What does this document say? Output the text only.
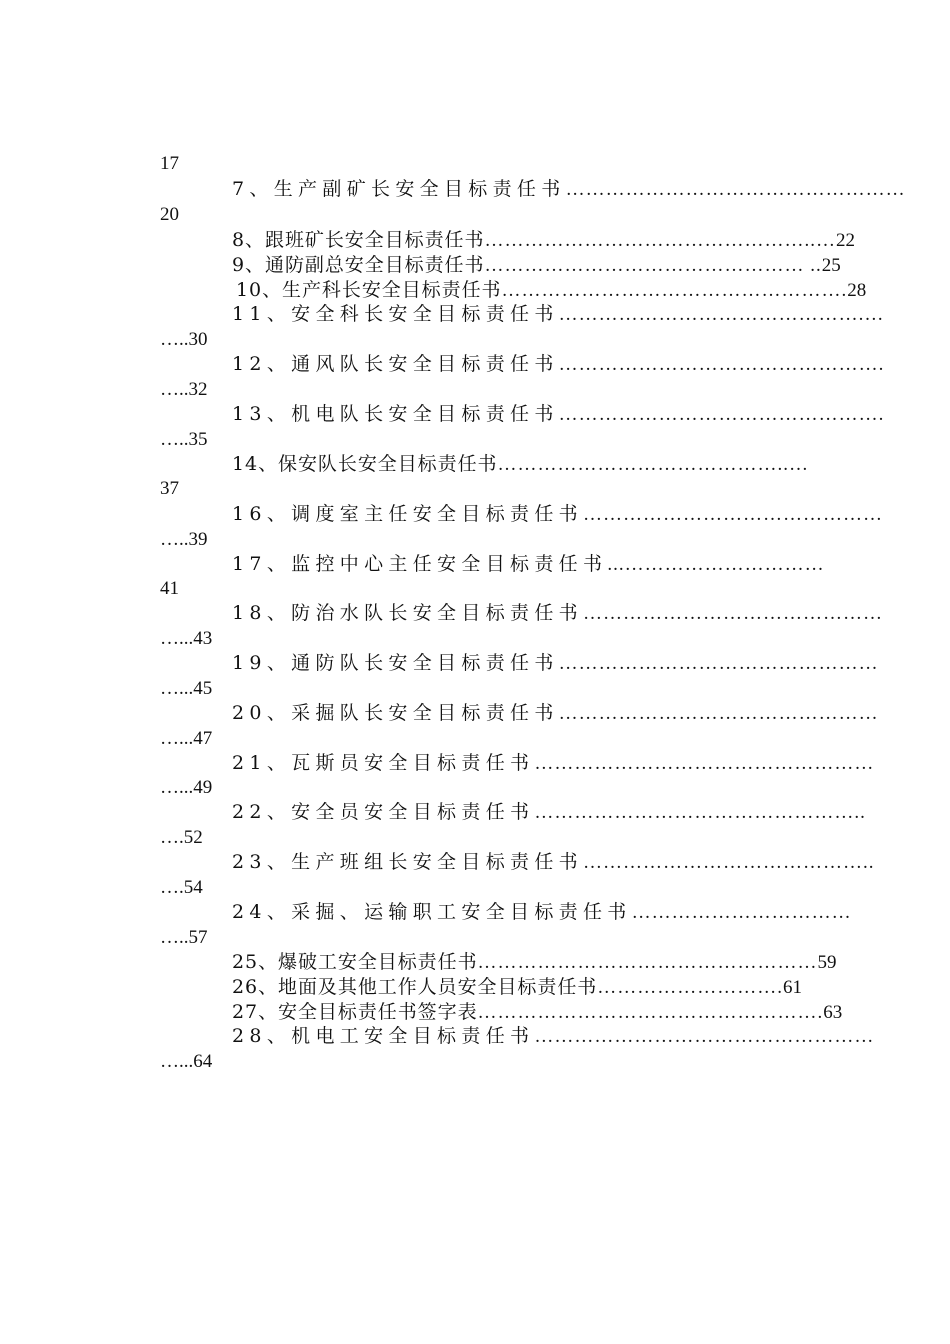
17
7、生产副矿长安全目标责任书……………………………………………
20
8、跟班矿长安全目标责任书…………………………………………..…22
9、通防副总安全目标责任书………………………………………… ..25
10、生产科长安全目标责任书…………………………………………….28
11、安全科长安全目标责任书……………………………………….…
…..30
12、通风队长安全目标责任书………………………………………….
…..32
13、机电队长安全目标责任书………………………………………….
…..35
14、保安队长安全目标责任书……………………………………..…
37
16、调度室主任安全目标责任书………………………………………
…..39
17、监控中心主任安全目标责任书...…………………………
41
18、防治水队长安全目标责任书………………………………………
…...43
19、通防队长安全目标责任书…………………………………………
…...45
20、采掘队长安全目标责任书…………………………………………
…...47
21、瓦斯员安全目标责任书……………………………………………
…...49
22、安全员安全目标责任书…………………………………………..
….52
23、生产班组长安全目标责任书……………………………………..
….54
24、采掘、运输职工安全目标责任书……………………………
…..57
25、爆破工安全目标责任书……………………………………………59
26、地面及其他工作人员安全目标责任书……………………….61
27、安全目标责任书签字表…………………………………………….63
28、机电工安全目标责任书……………………………………………
…...64
